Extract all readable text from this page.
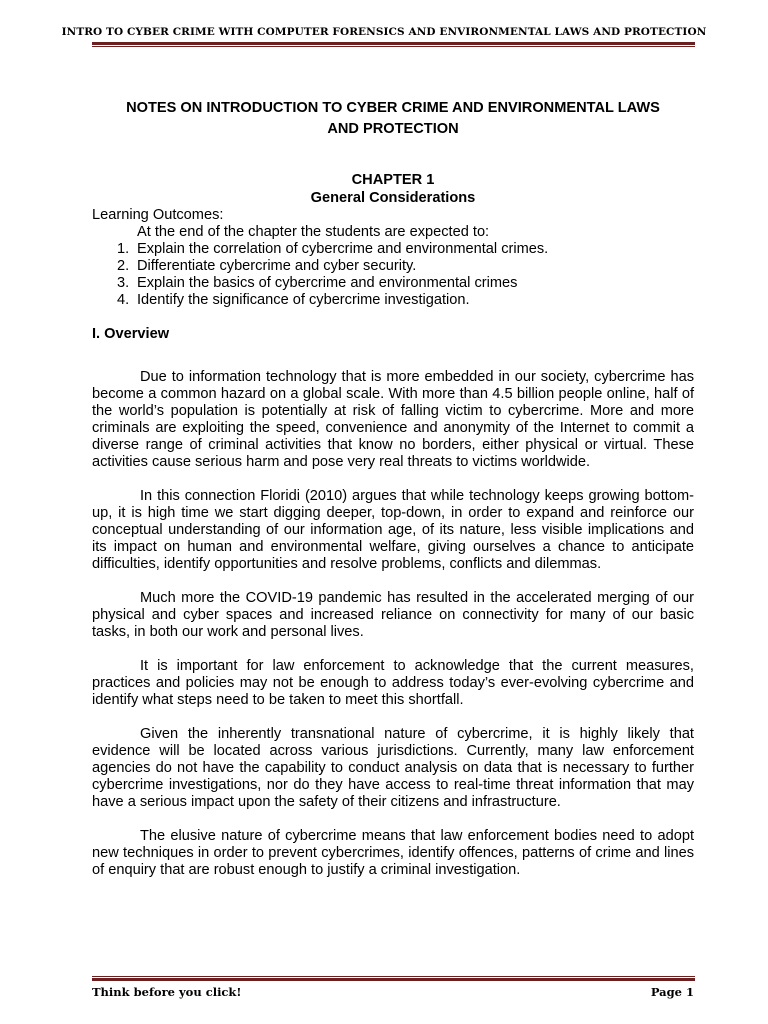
INTRO TO CYBER CRIME WITH COMPUTER FORENSICS AND ENVIRONMENTAL LAWS AND PROTECTION

NOTES ON INTRODUCTION TO CYBER CRIME AND ENVIRONMENTAL LAWS
AND PROTECTION

CHAPTER 1
General Considerations
Learning Outcomes:
At the end of the chapter the students are expected to:
1. Explain the correlation of cybercrime and environmental crimes.
2. Differentiate cybercrime and cyber security.
3. Explain the basics of cybercrime and environmental crimes
4. Identify the significance of cybercrime investigation.
I. Overview

Due to information technology that is more embedded in our society, cybercrime has become a common hazard on a global scale. With more than 4.5 billion people online, half of the world’s population is potentially at risk of falling victim to cybercrime. More and more criminals are exploiting the speed, convenience and anonymity of the Internet to commit a diverse range of criminal activities that know no borders, either physical or virtual. These activities cause serious harm and pose very real threats to victims worldwide.

In this connection Floridi (2010) argues that while technology keeps growing bottom-up, it is high time we start digging deeper, top-down, in order to expand and reinforce our conceptual understanding of our information age, of its nature, less visible implications and its impact on human and environmental welfare, giving ourselves a chance to anticipate difficulties, identify opportunities and resolve problems, conflicts and dilemmas.

Much more the COVID-19 pandemic has resulted in the accelerated merging of our physical and cyber spaces and increased reliance on connectivity for many of our basic tasks, in both our work and personal lives.

It is important for law enforcement to acknowledge that the current measures, practices and policies may not be enough to address today’s ever-evolving cybercrime and identify what steps need to be taken to meet this shortfall.

Given the inherently transnational nature of cybercrime, it is highly likely that evidence will be located across various jurisdictions. Currently, many law enforcement agencies do not have the capability to conduct analysis on data that is necessary to further cybercrime investigations, nor do they have access to real-time threat information that may have a serious impact upon the safety of their citizens and infrastructure.

The elusive nature of cybercrime means that law enforcement bodies need to adopt new techniques in order to prevent cybercrimes, identify offences, patterns of crime and lines of enquiry that are robust enough to justify a criminal investigation.

Think before you click!	Page 1
